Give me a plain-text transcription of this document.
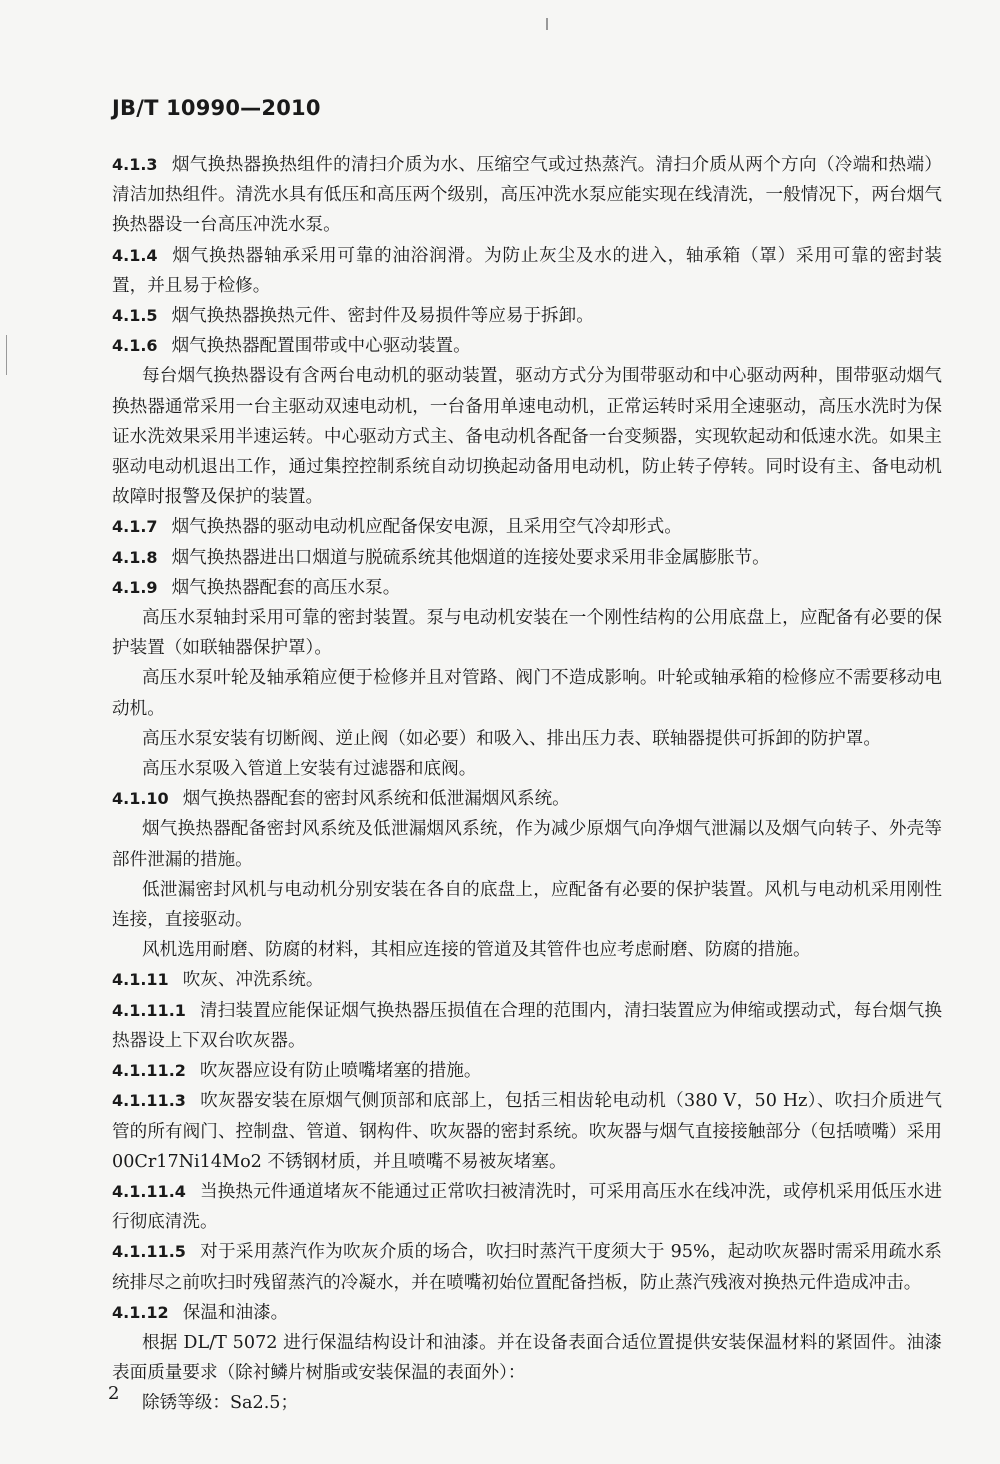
JB/T 10990—2010

4.1.3 烟气换热器换热组件的清扫介质为水、压缩空气或过热蒸汽。清扫介质从两个方向（冷端和热端）清洁加热组件。清洗水具有低压和高压两个级别，高压冲洗水泵应能实现在线清洗，一般情况下，两台烟气换热器设一台高压冲洗水泵。

4.1.4 烟气换热器轴承采用可靠的油浴润滑。为防止灰尘及水的进入，轴承箱（罩）采用可靠的密封装置，并且易于检修。

4.1.5 烟气换热器换热元件、密封件及易损件等应易于拆卸。

4.1.6 烟气换热器配置围带或中心驱动装置。

每台烟气换热器设有含两台电动机的驱动装置，驱动方式分为围带驱动和中心驱动两种，围带驱动烟气换热器通常采用一台主驱动双速电动机，一台备用单速电动机，正常运转时采用全速驱动，高压水洗时为保证水洗效果采用半速运转。中心驱动方式主、备电动机各配备一台变频器，实现软起动和低速水洗。如果主驱动电动机退出工作，通过集控控制系统自动切换起动备用电动机，防止转子停转。同时设有主、备电动机故障时报警及保护的装置。

4.1.7 烟气换热器的驱动电动机应配备保安电源，且采用空气冷却形式。

4.1.8 烟气换热器进出口烟道与脱硫系统其他烟道的连接处要求采用非金属膨胀节。

4.1.9 烟气换热器配套的高压水泵。

高压水泵轴封采用可靠的密封装置。泵与电动机安装在一个刚性结构的公用底盘上，应配备有必要的保护装置（如联轴器保护罩）。

高压水泵叶轮及轴承箱应便于检修并且对管路、阀门不造成影响。叶轮或轴承箱的检修应不需要移动电动机。

高压水泵安装有切断阀、逆止阀（如必要）和吸入、排出压力表、联轴器提供可拆卸的防护罩。

高压水泵吸入管道上安装有过滤器和底阀。

4.1.10 烟气换热器配套的密封风系统和低泄漏烟风系统。

烟气换热器配备密封风系统及低泄漏烟风系统，作为减少原烟气向净烟气泄漏以及烟气向转子、外壳等部件泄漏的措施。

低泄漏密封风机与电动机分别安装在各自的底盘上，应配备有必要的保护装置。风机与电动机采用刚性连接，直接驱动。

风机选用耐磨、防腐的材料，其相应连接的管道及其管件也应考虑耐磨、防腐的措施。

4.1.11 吹灰、冲洗系统。

4.1.11.1 清扫装置应能保证烟气换热器压损值在合理的范围内，清扫装置应为伸缩或摆动式，每台烟气换热器设上下双台吹灰器。

4.1.11.2 吹灰器应设有防止喷嘴堵塞的措施。

4.1.11.3 吹灰器安装在原烟气侧顶部和底部上，包括三相齿轮电动机（380 V，50 Hz）、吹扫介质进气管的所有阀门、控制盘、管道、钢构件、吹灰器的密封系统。吹灰器与烟气直接接触部分（包括喷嘴）采用 00Cr17Ni14Mo2 不锈钢材质，并且喷嘴不易被灰堵塞。

4.1.11.4 当换热元件通道堵灰不能通过正常吹扫被清洗时，可采用高压水在线冲洗，或停机采用低压水进行彻底清洗。

4.1.11.5 对于采用蒸汽作为吹灰介质的场合，吹扫时蒸汽干度须大于 95%，起动吹灰器时需采用疏水系统排尽之前吹扫时残留蒸汽的冷凝水，并在喷嘴初始位置配备挡板，防止蒸汽残液对换热元件造成冲击。

4.1.12 保温和油漆。

根据 DL/T 5072 进行保温结构设计和油漆。并在设备表面合适位置提供安装保温材料的紧固件。油漆表面质量要求（除衬鳞片树脂或安装保温的表面外）：

除锈等级：Sa2.5；

2
